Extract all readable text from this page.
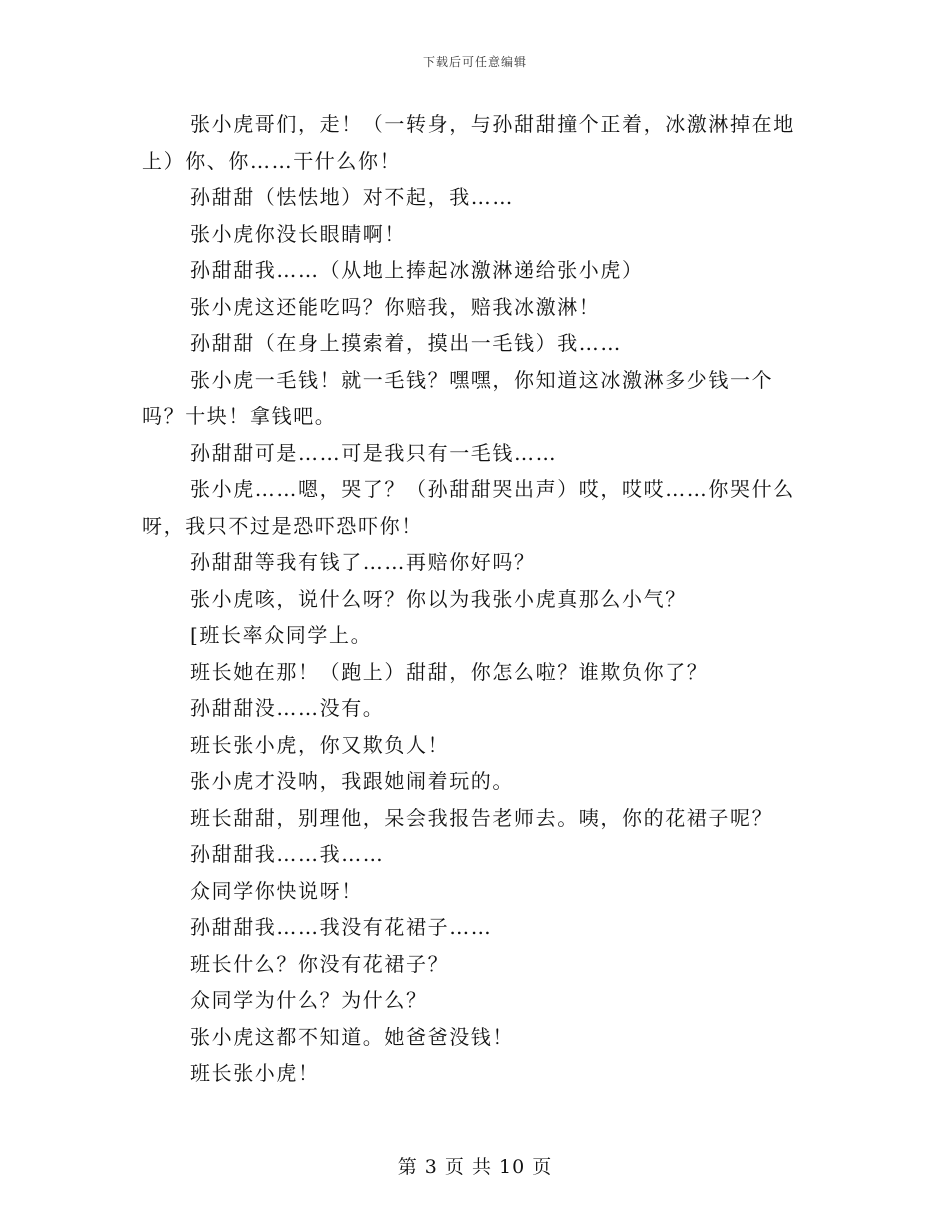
下载后可任意编辑

张小虎哥们，走！（一转身，与孙甜甜撞个正着，冰激淋掉在地上）你、你……干什么你！

孙甜甜（怯怯地）对不起，我……

张小虎你没长眼睛啊！

孙甜甜我……（从地上捧起冰激淋递给张小虎）

张小虎这还能吃吗？你赔我，赔我冰激淋！

孙甜甜（在身上摸索着，摸出一毛钱）我……

张小虎一毛钱！就一毛钱？嘿嘿，你知道这冰激淋多少钱一个吗？十块！拿钱吧。

孙甜甜可是……可是我只有一毛钱……

张小虎……嗯，哭了？（孙甜甜哭出声）哎，哎哎……你哭什么呀，我只不过是恐吓恐吓你！

孙甜甜等我有钱了……再赔你好吗？

张小虎咳，说什么呀？你以为我张小虎真那么小气？

[班长率众同学上。

班长她在那！（跑上）甜甜，你怎么啦？谁欺负你了？

孙甜甜没……没有。

班长张小虎，你又欺负人！

张小虎才没呐，我跟她闹着玩的。

班长甜甜，别理他，呆会我报告老师去。咦，你的花裙子呢？

孙甜甜我……我……

众同学你快说呀！

孙甜甜我……我没有花裙子……

班长什么？你没有花裙子？

众同学为什么？为什么？

张小虎这都不知道。她爸爸没钱！

班长张小虎！

第 3 页 共 10 页
